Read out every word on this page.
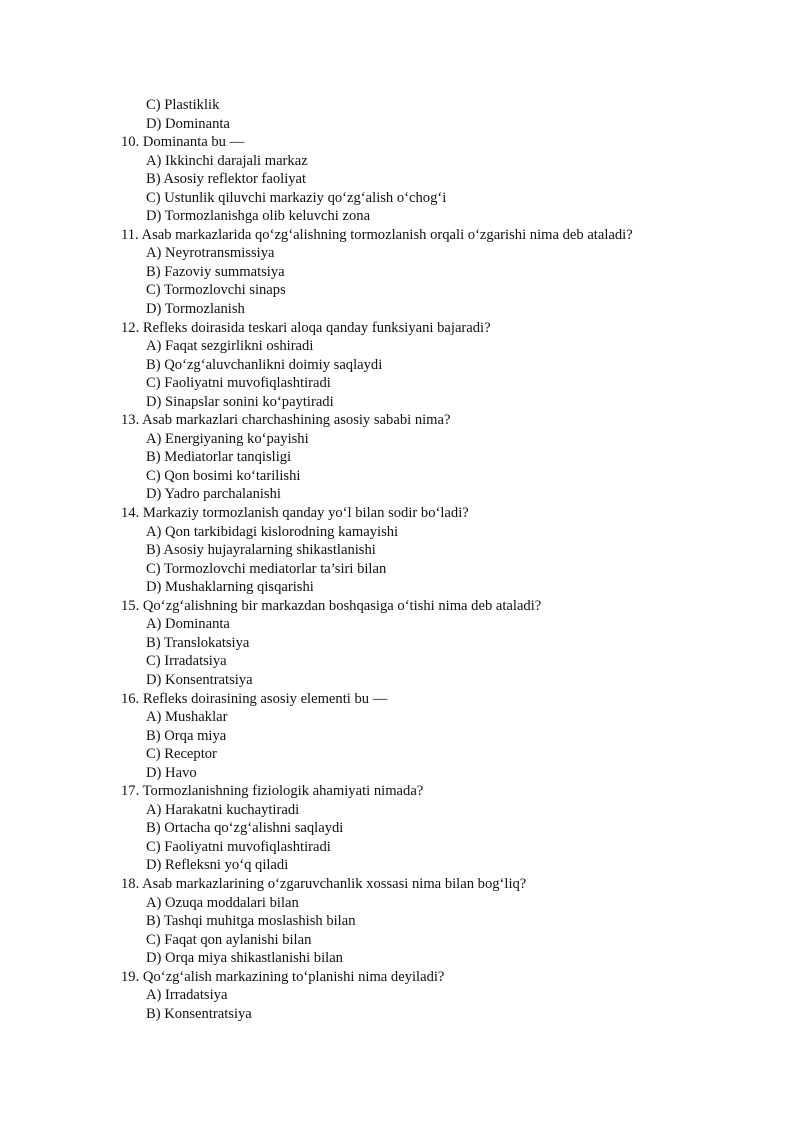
C) Plastiklik
D) Dominanta
10. Dominanta bu —
A) Ikkinchi darajali markaz
B) Asosiy reflektor faoliyat
C) Ustunlik qiluvchi markaziy qo‘zg‘alish o‘chog‘i
D) Tormozlanishga olib keluvchi zona
11. Asab markazlarida qo‘zg‘alishning tormozlanish orqali o‘zgarishi nima deb ataladi?
A) Neyrotransmissiya
B) Fazoviy summatsiya
C) Tormozlovchi sinaps
D) Tormozlanish
12. Refleks doirasida teskari aloqa qanday funksiyani bajaradi?
A) Faqat sezgirlikni oshiradi
B) Qo‘zg‘aluvchanlikni doimiy saqlaydi
C) Faoliyatni muvofiqlashtiradi
D) Sinapslar sonini ko‘paytiradi
13. Asab markazlari charchashining asosiy sababi nima?
A) Energiyaning ko‘payishi
B) Mediatorlar tanqisligi
C) Qon bosimi ko‘tarilishi
D) Yadro parchalanishi
14. Markaziy tormozlanish qanday yo‘l bilan sodir bo‘ladi?
A) Qon tarkibidagi kislorodning kamayishi
B) Asosiy hujayralarning shikastlanishi
C) Tormozlovchi mediatorlar ta’siri bilan
D) Mushaklarning qisqarishi
15. Qo‘zg‘alishning bir markazdan boshqasiga o‘tishi nima deb ataladi?
A) Dominanta
B) Translokatsiya
C) Irradatsiya
D) Konsentratsiya
16. Refleks doirasining asosiy elementi bu —
A) Mushaklar
B) Orqa miya
C) Receptor
D) Havo
17. Tormozlanishning fiziologik ahamiyati nimada?
A) Harakatni kuchaytiradi
B) Ortacha qo‘zg‘alishni saqlaydi
C) Faoliyatni muvofiqlashtiradi
D) Refleksni yo‘q qiladi
18. Asab markazlarining o‘zgaruvchanlik xossasi nima bilan bog‘liq?
A) Ozuqa moddalari bilan
B) Tashqi muhitga moslashish bilan
C) Faqat qon aylanishi bilan
D) Orqa miya shikastlanishi bilan
19. Qo‘zg‘alish markazining to‘planishi nima deyiladi?
A) Irradatsiya
B) Konsentratsiya
